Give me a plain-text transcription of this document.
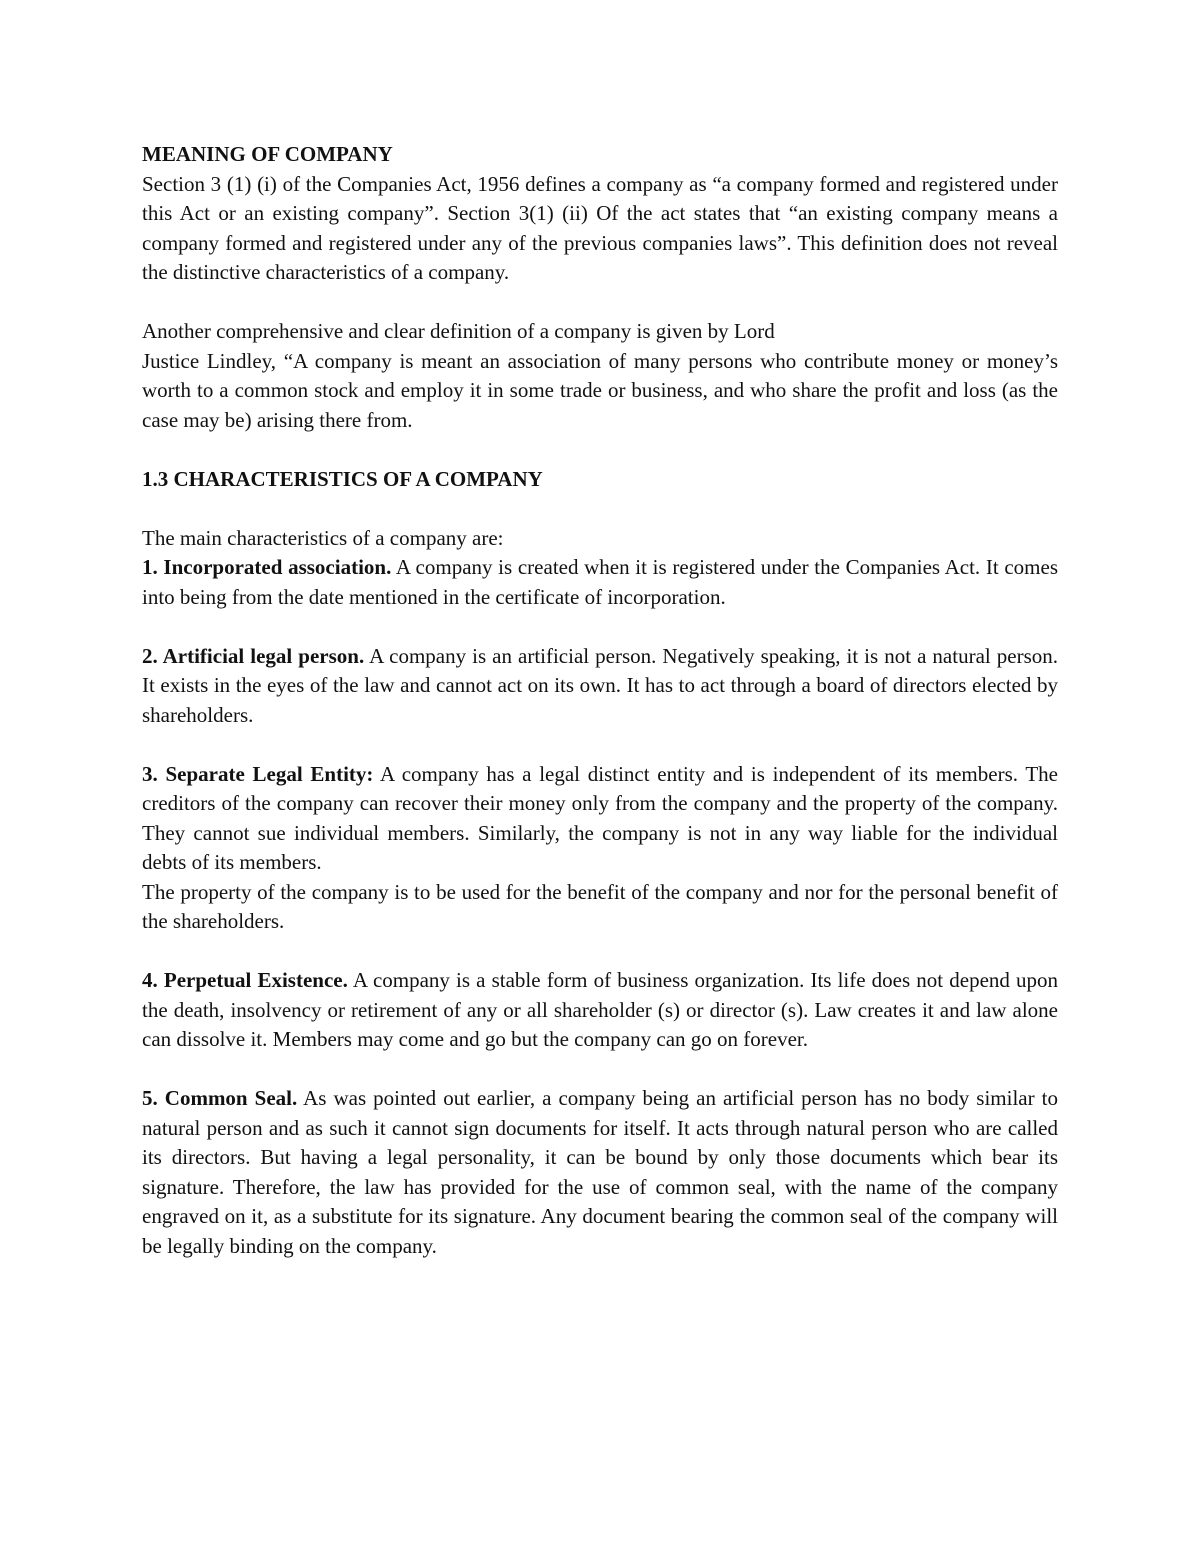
MEANING OF COMPANY

Section 3 (1) (i) of the Companies Act, 1956 defines a company as “a company formed and registered under this Act or an existing company”. Section 3(1) (ii) Of the act states that “an existing company means a company formed and registered under any of the previous companies laws”. This definition does not reveal the distinctive characteristics of a company.

Another comprehensive and clear definition of a company is given by Lord

Justice Lindley, “A company is meant an association of many persons who contribute money or money’s worth to a common stock and employ it in some trade or business, and who share the profit and loss (as the case may be) arising there from.

1.3 CHARACTERISTICS OF A COMPANY

The main characteristics of a company are:

1. Incorporated association. A company is created when it is registered under the Companies Act. It comes into being from the date mentioned in the certificate of incorporation.

2. Artificial legal person. A company is an artificial person. Negatively speaking, it is not a natural person. It exists in the eyes of the law and cannot act on its own. It has to act through a board of directors elected by shareholders.

3. Separate Legal Entity: A company has a legal distinct entity and is independent of its members. The creditors of the company can recover their money only from the company and the property of the company. They cannot sue individual members. Similarly, the company is not in any way liable for the individual debts of its members.

The property of the company is to be used for the benefit of the company and nor for the personal benefit of the shareholders.

4. Perpetual Existence. A company is a stable form of business organization. Its life does not depend upon the death, insolvency or retirement of any or all shareholder (s) or director (s). Law creates it and law alone can dissolve it. Members may come and go but the company can go on forever.

5. Common Seal. As was pointed out earlier, a company being an artificial person has no body similar to natural person and as such it cannot sign documents for itself. It acts through natural person who are called its directors. But having a legal personality, it can be bound by only those documents which bear its signature. Therefore, the law has provided for the use of common seal, with the name of the company engraved on it, as a substitute for its signature. Any document bearing the common seal of the company will be legally binding on the company.
